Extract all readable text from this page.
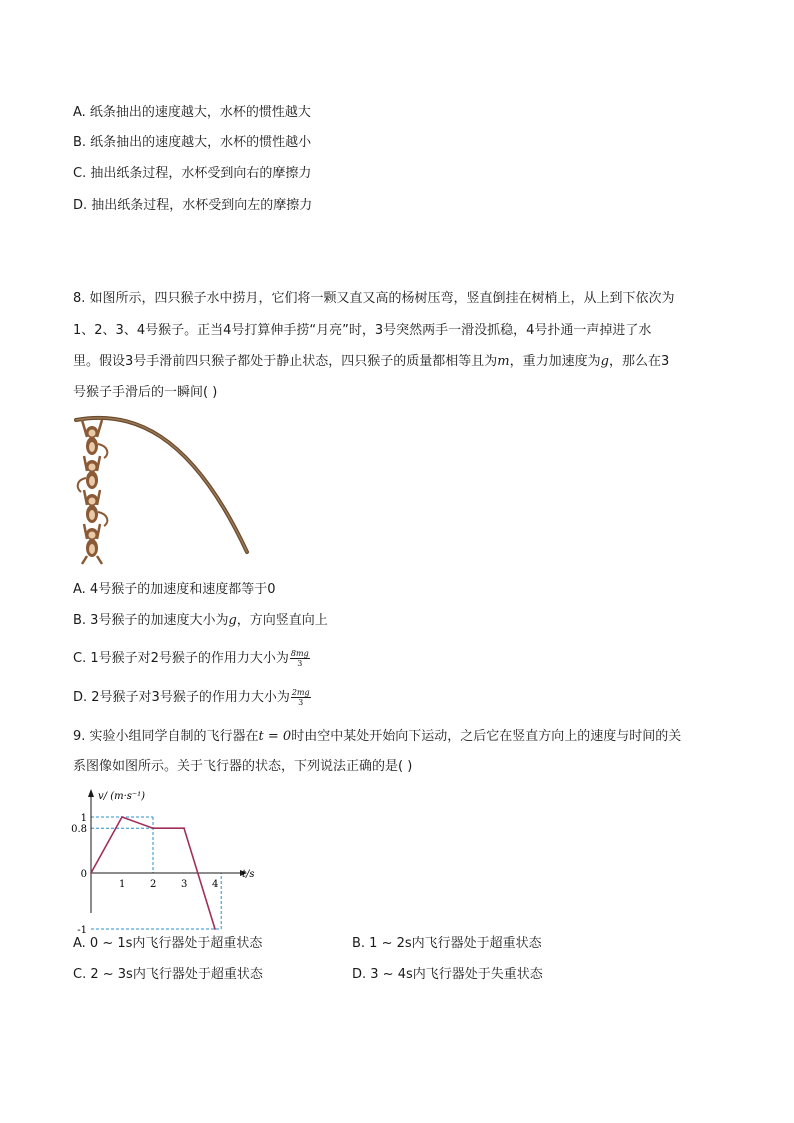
A. 纸条抽出的速度越大，水杯的惯性越大
B. 纸条抽出的速度越大，水杯的惯性越小
C. 抽出纸条过程，水杯受到向右的摩擦力
D. 抽出纸条过程，水杯受到向左的摩擦力
8. 如图所示，四只猴子水中捞月，它们将一颗又直又高的杨树压弯，竖直倒挂在树梢上，从上到下依次为
1、2、3、4号猴子。正当4号打算伸手捞“月亮”时，3号突然两手一滑没抓稳，4号扑通一声掉进了水
里。假设3号手滑前四只猴子都处于静止状态，四只猴子的质量都相等且为m，重力加速度为g，那么在3
号猴子手滑后的一瞬间( )
A. 4号猴子的加速度和速度都等于0
B. 3号猴子的加速度大小为g，方向竖直向上
C. 1号猴子对2号猴子的作用力大小为 $\frac{8mg}{3}$
D. 2号猴子对3号猴子的作用力大小为 $\frac{2mg}{3}$
9. 实验小组同学自制的飞行器在t = 0时由空中某处开始向下运动，之后它在竖直方向上的速度与时间的关
系图像如图所示。关于飞行器的状态，下列说法正确的是( )
v/ (m·s⁻¹)
t/s
1 2 3 4
1
0.8
0
-1
A. 0 ~ 1s内飞行器处于超重状态	B. 1 ~ 2s内飞行器处于超重状态
C. 2 ~ 3s内飞行器处于超重状态	D. 3 ~ 4s内飞行器处于失重状态
